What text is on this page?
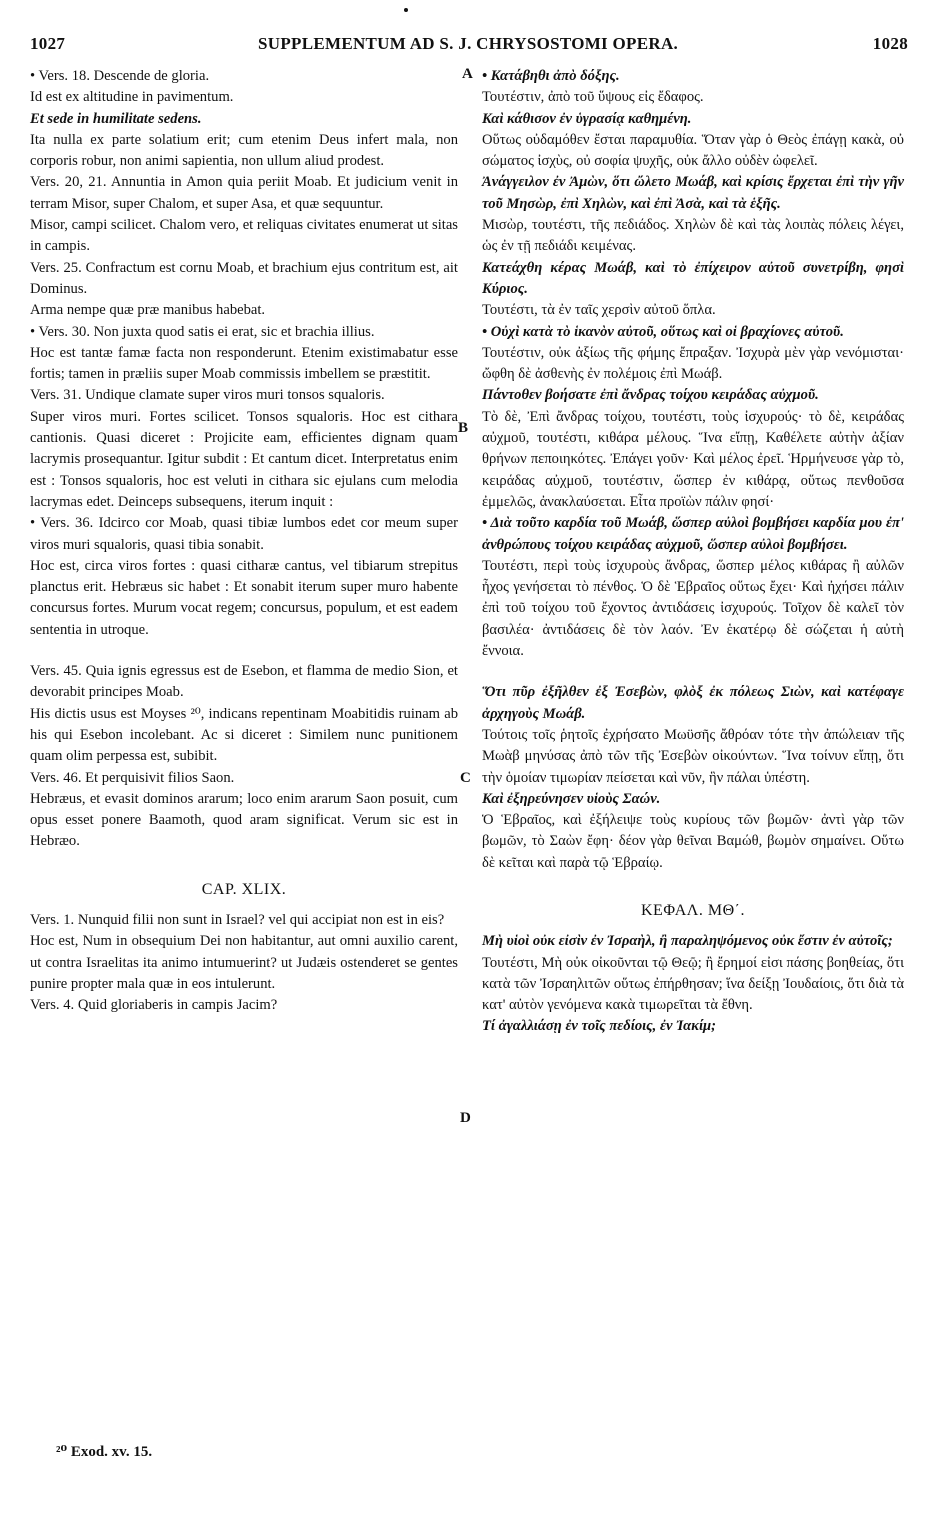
1027	SUPPLEMENTUM AD S. J. CHRYSOSTOMI OPERA.	1028
A
B
C
D

• Vers. 18. Descende de gloria.

Id est ex altitudine in pavimentum.

Et sede in humilitate sedens.

Ita nulla ex parte solatium erit; cum etenim Deus infert mala, non corporis robur, non animi sapientia, non ullum aliud prodest.

Vers. 20, 21. Annuntia in Amon quia periit Moab. Et judicium venit in terram Misor, super Chalom, et super Asa, et quæ sequuntur.

Misor, campi scilicet. Chalom vero, et reliquas civitates enumerat ut sitas in campis.

Vers. 25. Confractum est cornu Moab, et brachium ejus contritum est, ait Dominus.

Arma nempe quæ præ manibus habebat.

• Vers. 30. Non juxta quod satis ei erat, sic et brachia illius.

Hoc est tantæ famæ facta non responderunt. Etenim existimabatur esse fortis; tamen in præliis super Moab commissis imbellem se præstitit.

Vers. 31. Undique clamate super viros muri tonsos squaloris.

Super viros muri. Fortes scilicet. Tonsos squaloris. Hoc est cithara cantionis. Quasi diceret : Projicite eam, efficientes dignam quam lacrymis prosequantur. Igitur subdit : Et cantum dicet. Interpretatus enim est : Tonsos squaloris, hoc est veluti in cithara sic ejulans cum melodia lacrymas edet. Deinceps subsequens, iterum inquit :

• Vers. 36. Idcirco cor Moab, quasi tibiæ lumbos edet cor meum super viros muri squaloris, quasi tibia sonabit.

Hoc est, circa viros fortes : quasi citharæ cantus, vel tibiarum strepitus planctus erit. Hebræus sic habet : Et sonabit iterum super muro habente concursus fortes. Murum vocat regem; concursus, populum, et est eadem sententia in utroque.

Vers. 45. Quia ignis egressus est de Esebon, et flamma de medio Sion, et devorabit principes Moab.

His dictis usus est Moyses ²⁰, indicans repentinam Moabitidis ruinam ab his qui Esebon incolebant. Ac si diceret : Similem nunc punitionem quam olim perpessa est, subibit.

Vers. 46. Et perquisivit filios Saon.

Hebræus, et evasit dominos ararum; loco enim ararum Saon posuit, cum opus esset ponere Baamoth, quod aram significat. Verum sic est in Hebræo.

CAP. XLIX.

Vers. 1. Nunquid filii non sunt in Israel? vel qui accipiat non est in eis?

Hoc est, Num in obsequium Dei non habitantur, aut omni auxilio carent, ut contra Israelitas ita animo intumuerint? ut Judæis ostenderet se gentes punire propter mala quæ in eos intulerunt.

Vers. 4. Quid gloriaberis in campis Jacim?

• Κατάβηθι ἀπὸ δόξης.

Τουτέστιν, ἀπὸ τοῦ ὕψους εἰς ἔδαφος.

Καὶ κάθισον ἐν ὑγρασίᾳ καθημένη.

Οὕτως οὐδαμόθεν ἔσται παραμυθία. Ὅταν γὰρ ὁ Θεὸς ἐπάγῃ κακὰ, οὐ σώματος ἰσχὺς, οὐ σοφία ψυχῆς, οὐκ ἄλλο οὐδὲν ὠφελεῖ.

Ἀνάγγειλον ἐν Ἀμὼν, ὅτι ὤλετο Μωάβ, καὶ κρίσις ἔρχεται ἐπὶ τὴν γῆν τοῦ Μησὼρ, ἐπὶ Χηλὼν, καὶ ἐπὶ Ἀσὰ, καὶ τὰ ἑξῆς.

Μισὼρ, τουτέστι, τῆς πεδιάδος. Χηλὼν δὲ καὶ τὰς λοιπὰς πόλεις λέγει, ὡς ἐν τῇ πεδιάδι κειμένας.

Κατεάχθη κέρας Μωάβ, καὶ τὸ ἐπίχειρον αὐτοῦ συνετρίβη, φησὶ Κύριος.

Τουτέστι, τὰ ἐν ταῖς χερσὶν αὐτοῦ ὅπλα.

• Οὐχὶ κατὰ τὸ ἱκανὸν αὐτοῦ, οὕτως καὶ οἱ βραχίονες αὐτοῦ.

Τουτέστιν, οὐκ ἀξίως τῆς φήμης ἔπραξαν. Ἰσχυρὰ μὲν γὰρ νενόμισται· ὤφθη δὲ ἀσθενὴς ἐν πολέμοις ἐπὶ Μωάβ.

Πάντοθεν βοήσατε ἐπὶ ἄνδρας τοίχου κειράδας αὐχμοῦ.

Τὸ δὲ, Ἐπὶ ἄνδρας τοίχου, τουτέστι, τοὺς ἰσχυρούς· τὸ δὲ, κειράδας αὐχμοῦ, τουτέστι, κιθάρα μέλους. Ἵνα εἴπῃ, Καθέλετε αὐτὴν ἀξίαν θρήνων πεποιηκότες. Ἐπάγει γοῦν· Καὶ μέλος ἐρεῖ. Ἡρμήνευσε γὰρ τὸ, κειράδας αὐχμοῦ, τουτέστιν, ὥσπερ ἐν κιθάρᾳ, οὕτως πενθοῦσα ἐμμελῶς, ἀνακλαύσεται. Εἶτα προϊὼν πάλιν φησί·

• Διὰ τοῦτο καρδία τοῦ Μωάβ, ὥσπερ αὐλοὶ βομβήσει καρδία μου ἐπ' ἀνθρώπους τοίχου κειράδας αὐχμοῦ, ὥσπερ αὐλοὶ βομβήσει.

Τουτέστι, περὶ τοὺς ἰσχυροὺς ἄνδρας, ὥσπερ μέλος κιθάρας ἢ αὐλῶν ἦχος γενήσεται τὸ πένθος. Ὁ δὲ Ἑβραῖος οὕτως ἔχει· Καὶ ἠχήσει πάλιν ἐπὶ τοῦ τοίχου τοῦ ἔχοντος ἀντιδάσεις ἰσχυρούς. Τοῖχον δὲ καλεῖ τὸν βασιλέα· ἀντιδάσεις δὲ τὸν λαόν. Ἐν ἑκατέρῳ δὲ σώζεται ἡ αὐτὴ ἔννοια.

Ὅτι πῦρ ἐξῆλθεν ἐξ Ἐσεβὼν, φλὸξ ἐκ πόλεως Σιὼν, καὶ κατέφαγε ἀρχηγοὺς Μωάβ.

Τούτοις τοῖς ῥητοῖς ἐχρήσατο Μωϋσῆς ἄθρόαν τότε τὴν ἀπώλειαν τῆς Μωὰβ μηνύσας ἀπὸ τῶν τῆς Ἐσεβὼν οἰκούντων. Ἵνα τοίνυν εἴπῃ, ὅτι τὴν ὁμοίαν τιμωρίαν πείσεται καὶ νῦν, ἣν πάλαι ὑπέστη.

Καὶ ἐξηρεύνησεν υἱοὺς Σαών.

Ὁ Ἑβραῖος, καὶ ἐξήλειψε τοὺς κυρίους τῶν βωμῶν· ἀντὶ γὰρ τῶν βωμῶν, τὸ Σαὼν ἔφη· δέον γὰρ θεῖναι Βαμώθ, βωμὸν σημαίνει. Οὕτω δὲ κεῖται καὶ παρὰ τῷ Ἑβραίῳ.

ΚΕΦΑΛ. ΜΘ΄.

Μὴ υἱοὶ οὐκ εἰσὶν ἐν Ἰσραὴλ, ἢ παραληψόμενος οὐκ ἔστιν ἐν αὐτοῖς;

Τουτέστι, Μὴ οὐκ οἰκοῦνται τῷ Θεῷ; ἢ ἔρημοί εἰσι πάσης βοηθείας, ὅτι κατὰ τῶν Ἰσραηλιτῶν οὕτως ἐπήρθησαν; ἵνα δείξῃ Ἰουδαίοις, ὅτι διὰ τὰ κατ' αὐτὸν γενόμενα κακὰ τιμωρεῖται τὰ ἔθνη.

Τί ἀγαλλιάσῃ ἐν τοῖς πεδίοις, ἐν Ἰακίμ;

²⁰ Exod. xv. 15.
